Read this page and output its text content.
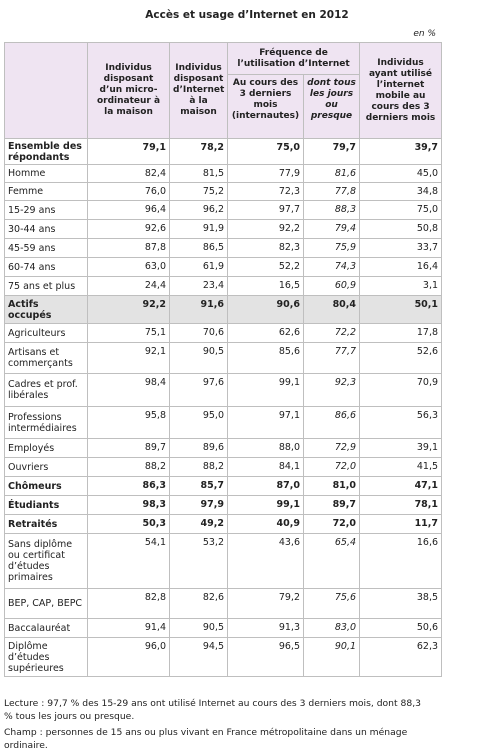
Accès et usage d’Internet en 2012
en %
	Individus disposant d’un micro-ordinateur à la maison	Individus disposant d’Internet à la maison	Fréquence de l’utilisation d’Internet		Individus ayant utilisé l’internet mobile au cours des 3 derniers mois
			Au cours des 3 derniers mois (internautes)	dont tous les jours ou presque	
Ensemble des répondants	79,1	78,2	75,0	79,7	39,7
Homme	82,4	81,5	77,9	81,6	45,0
Femme	76,0	75,2	72,3	77,8	34,8
15-29 ans	96,4	96,2	97,7	88,3	75,0
30-44 ans	92,6	91,9	92,2	79,4	50,8
45-59 ans	87,8	86,5	82,3	75,9	33,7
60-74 ans	63,0	61,9	52,2	74,3	16,4
75 ans et plus	24,4	23,4	16,5	60,9	3,1
Actifs occupés	92,2	91,6	90,6	80,4	50,1
Agriculteurs	75,1	70,6	62,6	72,2	17,8
Artisans et commerçants	92,1	90,5	85,6	77,7	52,6
Cadres et prof. libérales	98,4	97,6	99,1	92,3	70,9
Professions intermédiaires	95,8	95,0	97,1	86,6	56,3
Employés	89,7	89,6	88,0	72,9	39,1
Ouvriers	88,2	88,2	84,1	72,0	41,5
Chômeurs	86,3	85,7	87,0	81,0	47,1
Étudiants	98,3	97,9	99,1	89,7	78,1
Retraités	50,3	49,2	40,9	72,0	11,7
Sans diplôme ou certificat d’études primaires	54,1	53,2	43,6	65,4	16,6
BEP, CAP, BEPC	82,8	82,6	79,2	75,6	38,5
Baccalauréat	91,4	90,5	91,3	83,0	50,6
Diplôme d’études supérieures	96,0	94,5	96,5	90,1	62,3

Lecture : 97,7 % des 15-29 ans ont utilisé Internet au cours des 3 derniers mois, dont 88,3 % tous les jours ou presque.

Champ : personnes de 15 ans ou plus vivant en France métropolitaine dans un ménage ordinaire.
